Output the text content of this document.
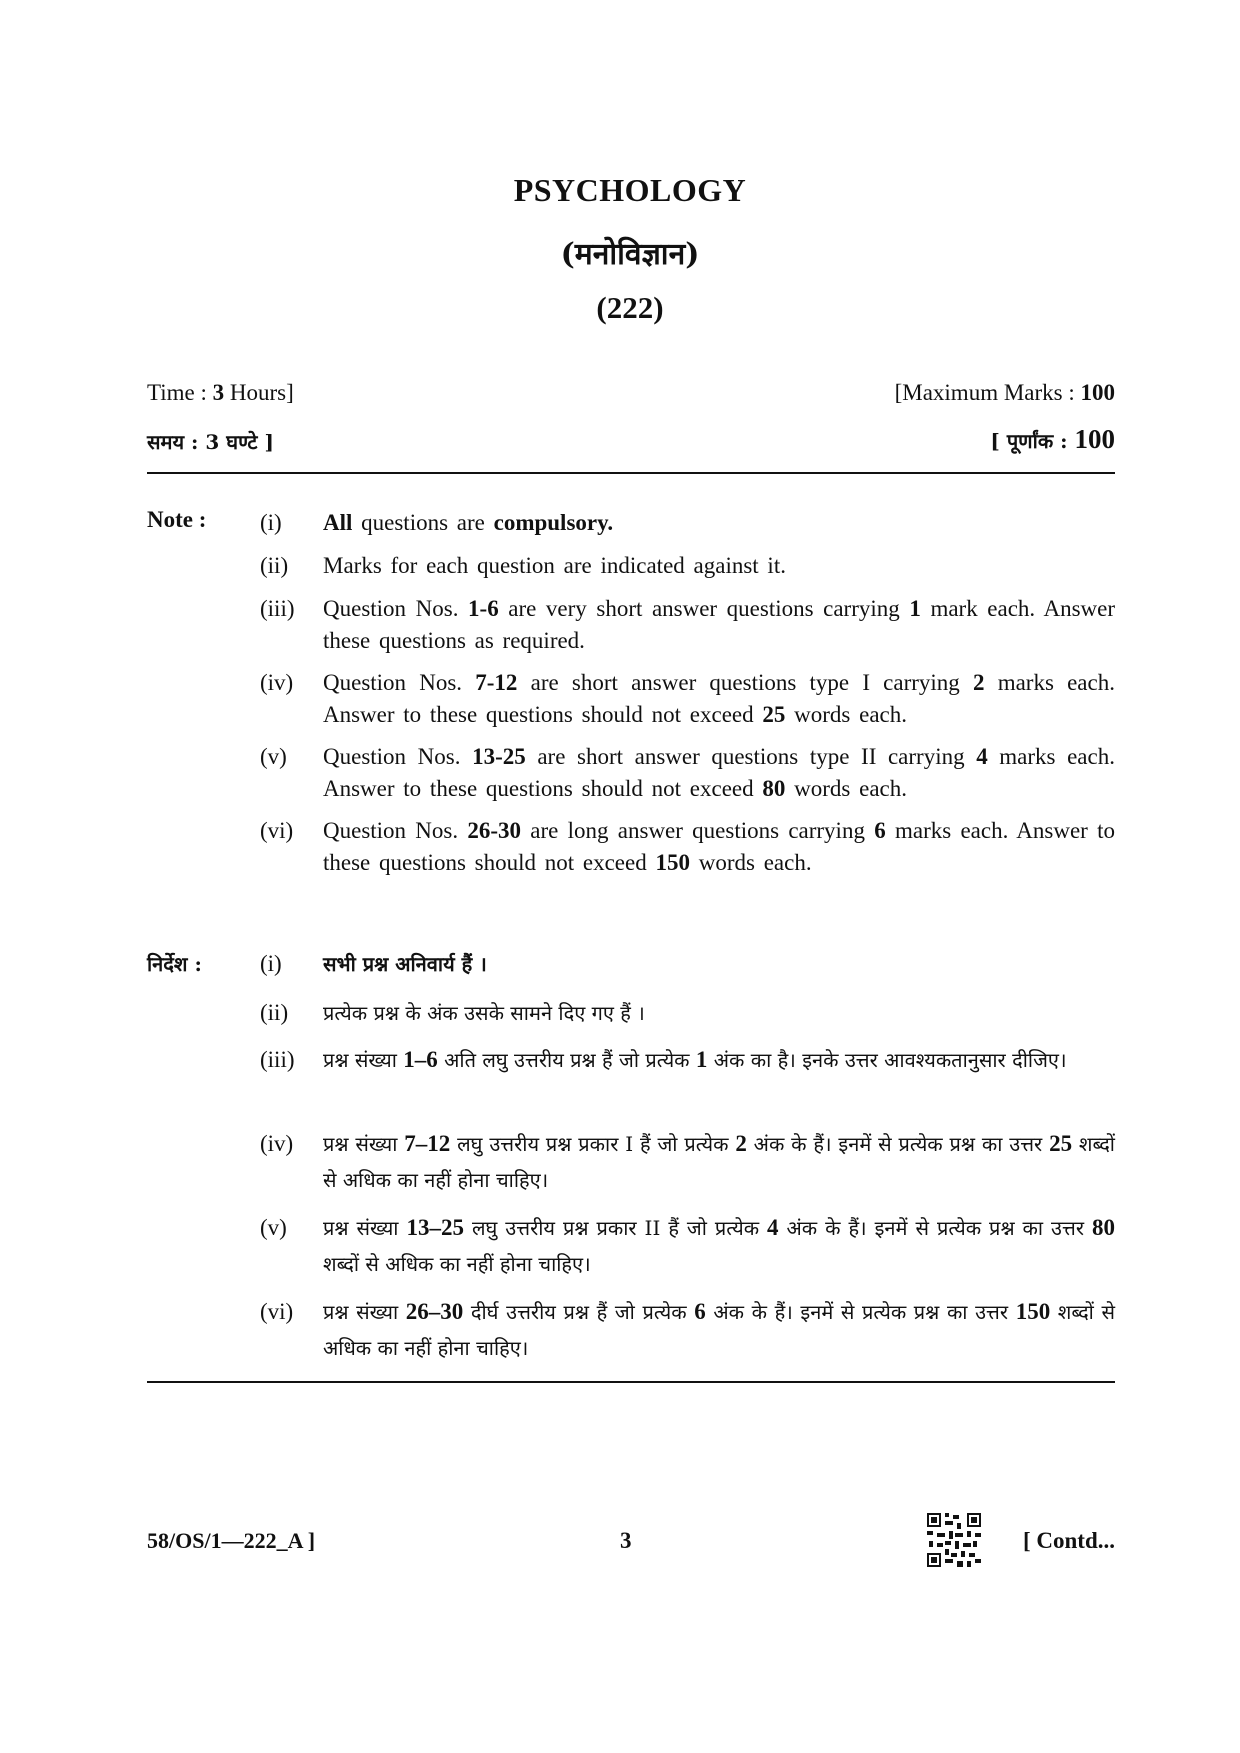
PSYCHOLOGY
(मनोविज्ञान)
(222)
Time : 3 Hours]	[Maximum Marks : 100
समय : 3 घण्टे ]	[ पूर्णांक : 100
Note : (i)	All questions are compulsory.
(ii)	Marks for each question are indicated against it.
(iii)	Question Nos. 1-6 are very short answer questions carrying 1 mark each. Answer these questions as required.
(iv)	Question Nos. 7-12 are short answer questions type I carrying 2 marks each. Answer to these questions should not exceed 25 words each.
(v)	Question Nos. 13-25 are short answer questions type II carrying 4 marks each. Answer to these questions should not exceed 80 words each.
(vi)	Question Nos. 26-30 are long answer questions carrying 6 marks each. Answer to these questions should not exceed 150 words each.
निर्देश :	(i)	सभी प्रश्न अनिवार्य हैं ।
(ii)	प्रत्येक प्रश्न के अंक उसके सामने दिए गए हैं ।
(iii)	प्रश्न संख्या 1–6 अति लघु उत्तरीय प्रश्न हैं जो प्रत्येक 1 अंक का है। इनके उत्तर आवश्यकतानुसार दीजिए।
(iv)	प्रश्न संख्या 7–12 लघु उत्तरीय प्रश्न प्रकार I हैं जो प्रत्येक 2 अंक के हैं। इनमें से प्रत्येक प्रश्न का उत्तर 25 शब्दों से अधिक का नहीं होना चाहिए।
(v)	प्रश्न संख्या 13–25 लघु उत्तरीय प्रश्न प्रकार II हैं जो प्रत्येक 4 अंक के हैं। इनमें से प्रत्येक प्रश्न का उत्तर 80 शब्दों से अधिक का नहीं होना चाहिए।
(vi)	प्रश्न संख्या 26–30 दीर्घ उत्तरीय प्रश्न हैं जो प्रत्येक 6 अंक के हैं। इनमें से प्रत्येक प्रश्न का उत्तर 150 शब्दों से अधिक का नहीं होना चाहिए।
58/OS/1—222_A ]	3	[ Contd...
